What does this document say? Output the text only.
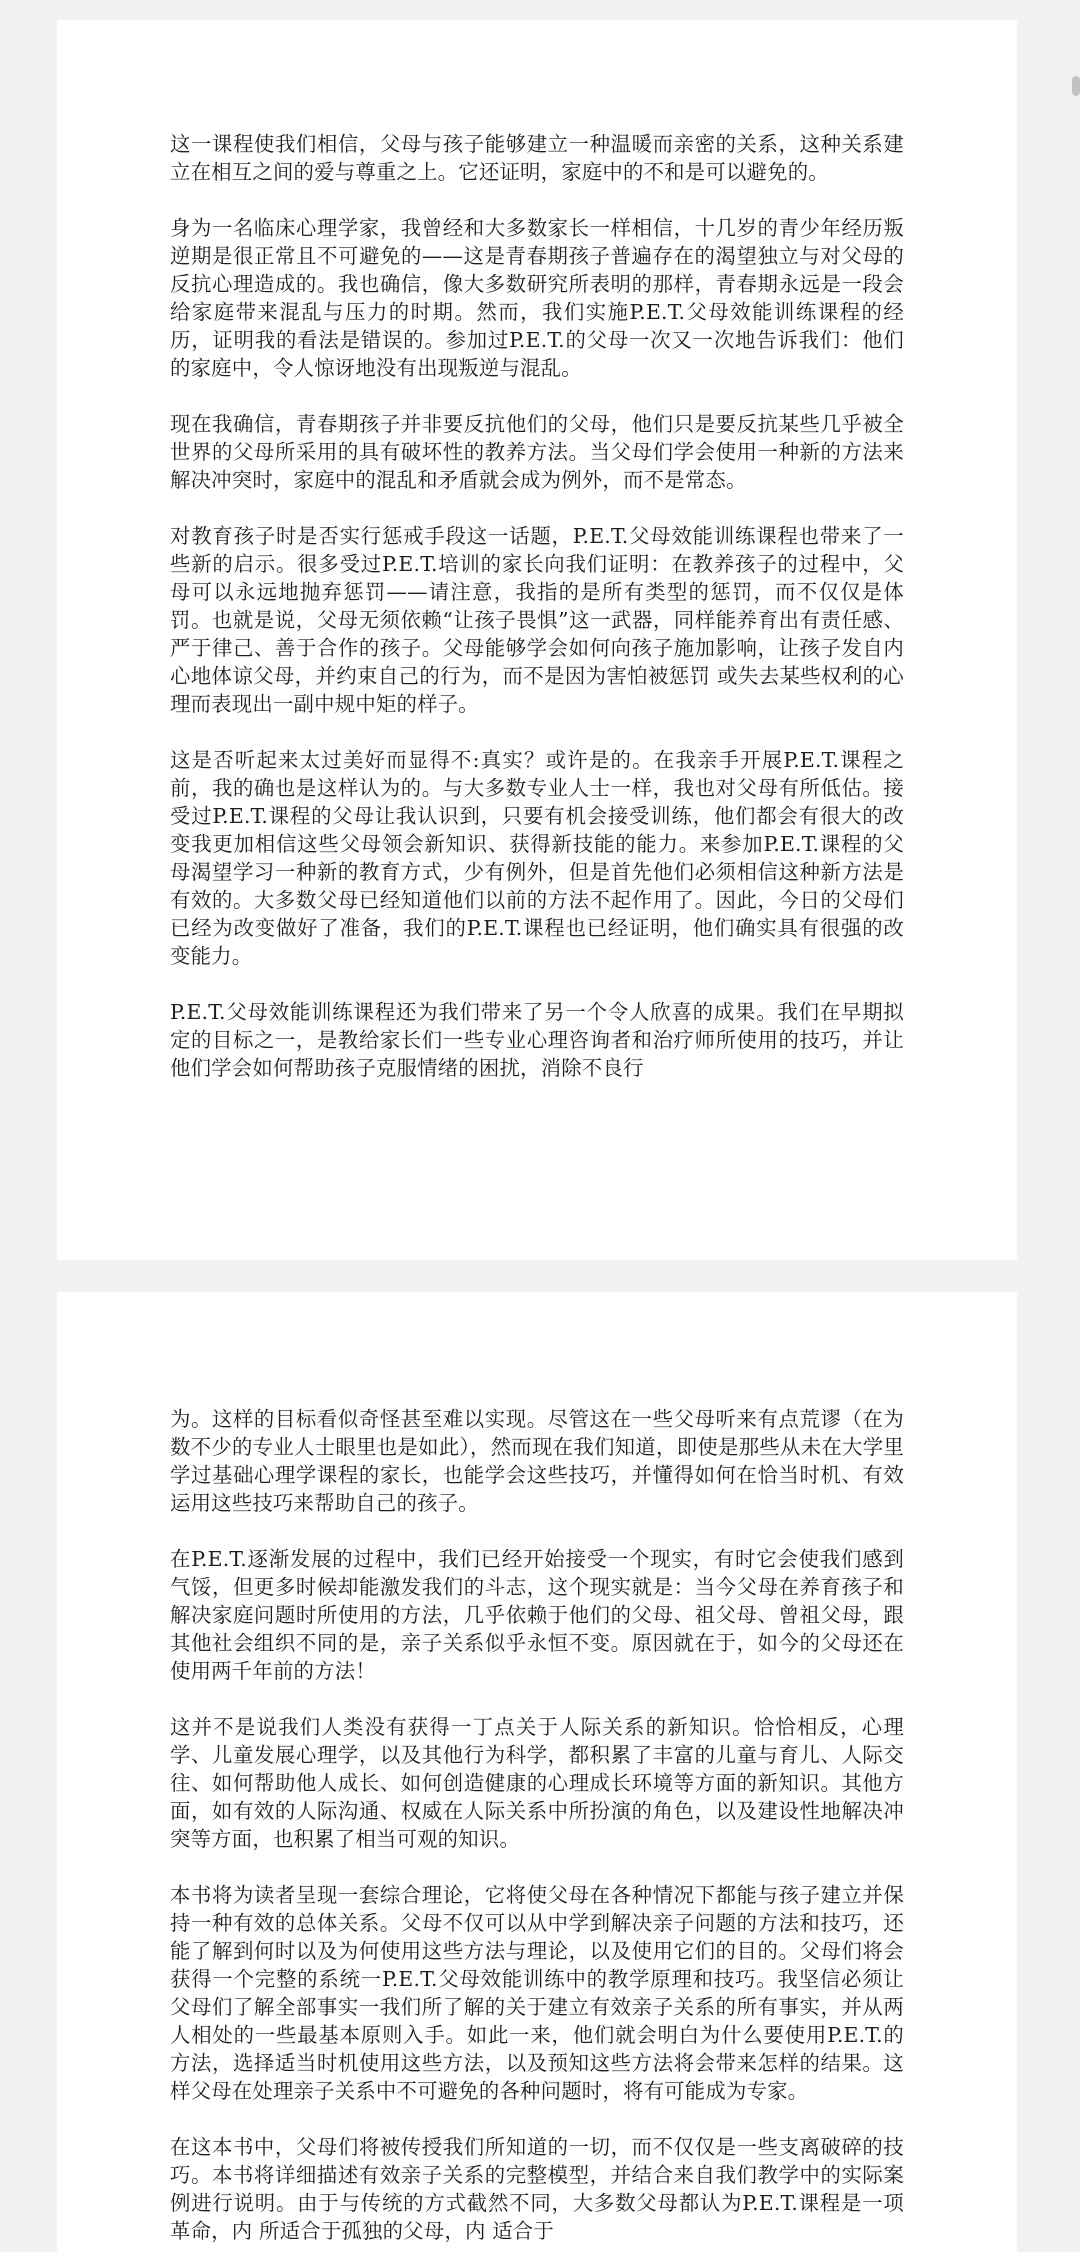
这一课程使我们相信，父母与孩子能够建立一种温暖而亲密的关系，这种关系建立在相互之间的爱与尊重之上。它还证明，家庭中的不和是可以避免的。

身为一名临床心理学家，我曾经和大多数家长一样相信，十几岁的青少年经历叛逆期是很正常且不可避免的——这是青春期孩子普遍存在的渴望独立与对父母的反抗心理造成的。我也确信，像大多数研究所表明的那样，青春期永远是一段会给家庭带来混乱与压力的时期。然而，我们实施P.E.T.父母效能训练课程的经历，证明我的看法是错误的。参加过P.E.T.的父母一次又一次地告诉我们：他们的家庭中，令人惊讶地没有出现叛逆与混乱。

现在我确信，青春期孩子并非要反抗他们的父母，他们只是要反抗某些几乎被全世界的父母所采用的具有破坏性的教养方法。当父母们学会使用一种新的方法来解决冲突时，家庭中的混乱和矛盾就会成为例外，而不是常态。

对教育孩子时是否实行惩戒手段这一话题，P.E.T.父母效能训练课程也带来了一些新的启示。很多受过P.E.T.培训的家长向我们证明：在教养孩子的过程中，父母可以永远地抛弃惩罚——请注意，我指的是所有类型的惩罚，而不仅仅是体罚。也就是说，父母无须依赖“让孩子畏惧”这一武器，同样能养育出有责任感、严于律己、善于合作的孩子。父母能够学会如何向孩子施加影响，让孩子发自内心地体谅父母，并约束自己的行为，而不是因为害怕被惩罚 或失去某些权利的心理而表现出一副中规中矩的样子。

这是否听起来太过美好而显得不:真实？或许是的。在我亲手开展P.E.T.课程之前，我的确也是这样认为的。与大多数专业人士一样，我也对父母有所低估。接受过P.E.T.课程的父母让我认识到，只要有机会接受训练，他们都会有很大的改变我更加相信这些父母领会新知识、获得新技能的能力。来参加P.E.T.课程的父母渴望学习一种新的教育方式，少有例外，但是首先他们必须相信这种新方法是有效的。大多数父母已经知道他们以前的方法不起作用了。因此，今日的父母们已经为改变做好了准备，我们的P.E.T.课程也已经证明，他们确实具有很强的改变能力。

P.E.T.父母效能训练课程还为我们带来了另一个令人欣喜的成果。我们在早期拟定的目标之一，是教给家长们一些专业心理咨询者和治疗师所使用的技巧，并让他们学会如何帮助孩子克服情绪的困扰，消除不良行

为。这样的目标看似奇怪甚至难以实现。尽管这在一些父母听来有点荒谬（在为数不少的专业人士眼里也是如此），然而现在我们知道，即使是那些从未在大学里学过基础心理学课程的家长，也能学会这些技巧，并懂得如何在恰当时机、有效运用这些技巧来帮助自己的孩子。

在P.E.T.逐渐发展的过程中，我们已经开始接受一个现实，有时它会使我们感到气馁，但更多时候却能激发我们的斗志，这个现实就是：当今父母在养育孩子和解决家庭问题时所使用的方法，几乎依赖于他们的父母、祖父母、曾祖父母，跟其他社会组织不同的是，亲子关系似乎永恒不变。原因就在于，如今的父母还在使用两千年前的方法！

这并不是说我们人类没有获得一丁点关于人际关系的新知识。恰恰相反，心理学、儿童发展心理学，以及其他行为科学，都积累了丰富的儿童与育儿、人际交往、如何帮助他人成长、如何创造健康的心理成长环境等方面的新知识。其他方面，如有效的人际沟通、权威在人际关系中所扮演的角色，以及建设性地解决冲突等方面，也积累了相当可观的知识。

本书将为读者呈现一套综合理论，它将使父母在各种情况下都能与孩子建立并保持一种有效的总体关系。父母不仅可以从中学到解决亲子问题的方法和技巧，还能了解到何时以及为何使用这些方法与理论，以及使用它们的目的。父母们将会获得一个完整的系统一P.E.T.父母效能训练中的教学原理和技巧。我坚信必须让父母们了解全部事实一我们所了解的关于建立有效亲子关系的所有事实，并从两人相处的一些最基本原则入手。如此一来，他们就会明白为什么要使用P.E.T.的方法，选择适当时机使用这些方法，以及预知这些方法将会带来怎样的结果。这样父母在处理亲子关系中不可避免的各种问题时，将有可能成为专家。

在这本书中，父母们将被传授我们所知道的一切，而不仅仅是一些支离破碎的技巧。本书将详细描述有效亲子关系的完整模型，并结合来自我们教学中的实际案例进行说明。由于与传统的方式截然不同，大多数父母都认为P.E.T.课程是一项革命，内 所适合于孤独的父母，内 适合于
